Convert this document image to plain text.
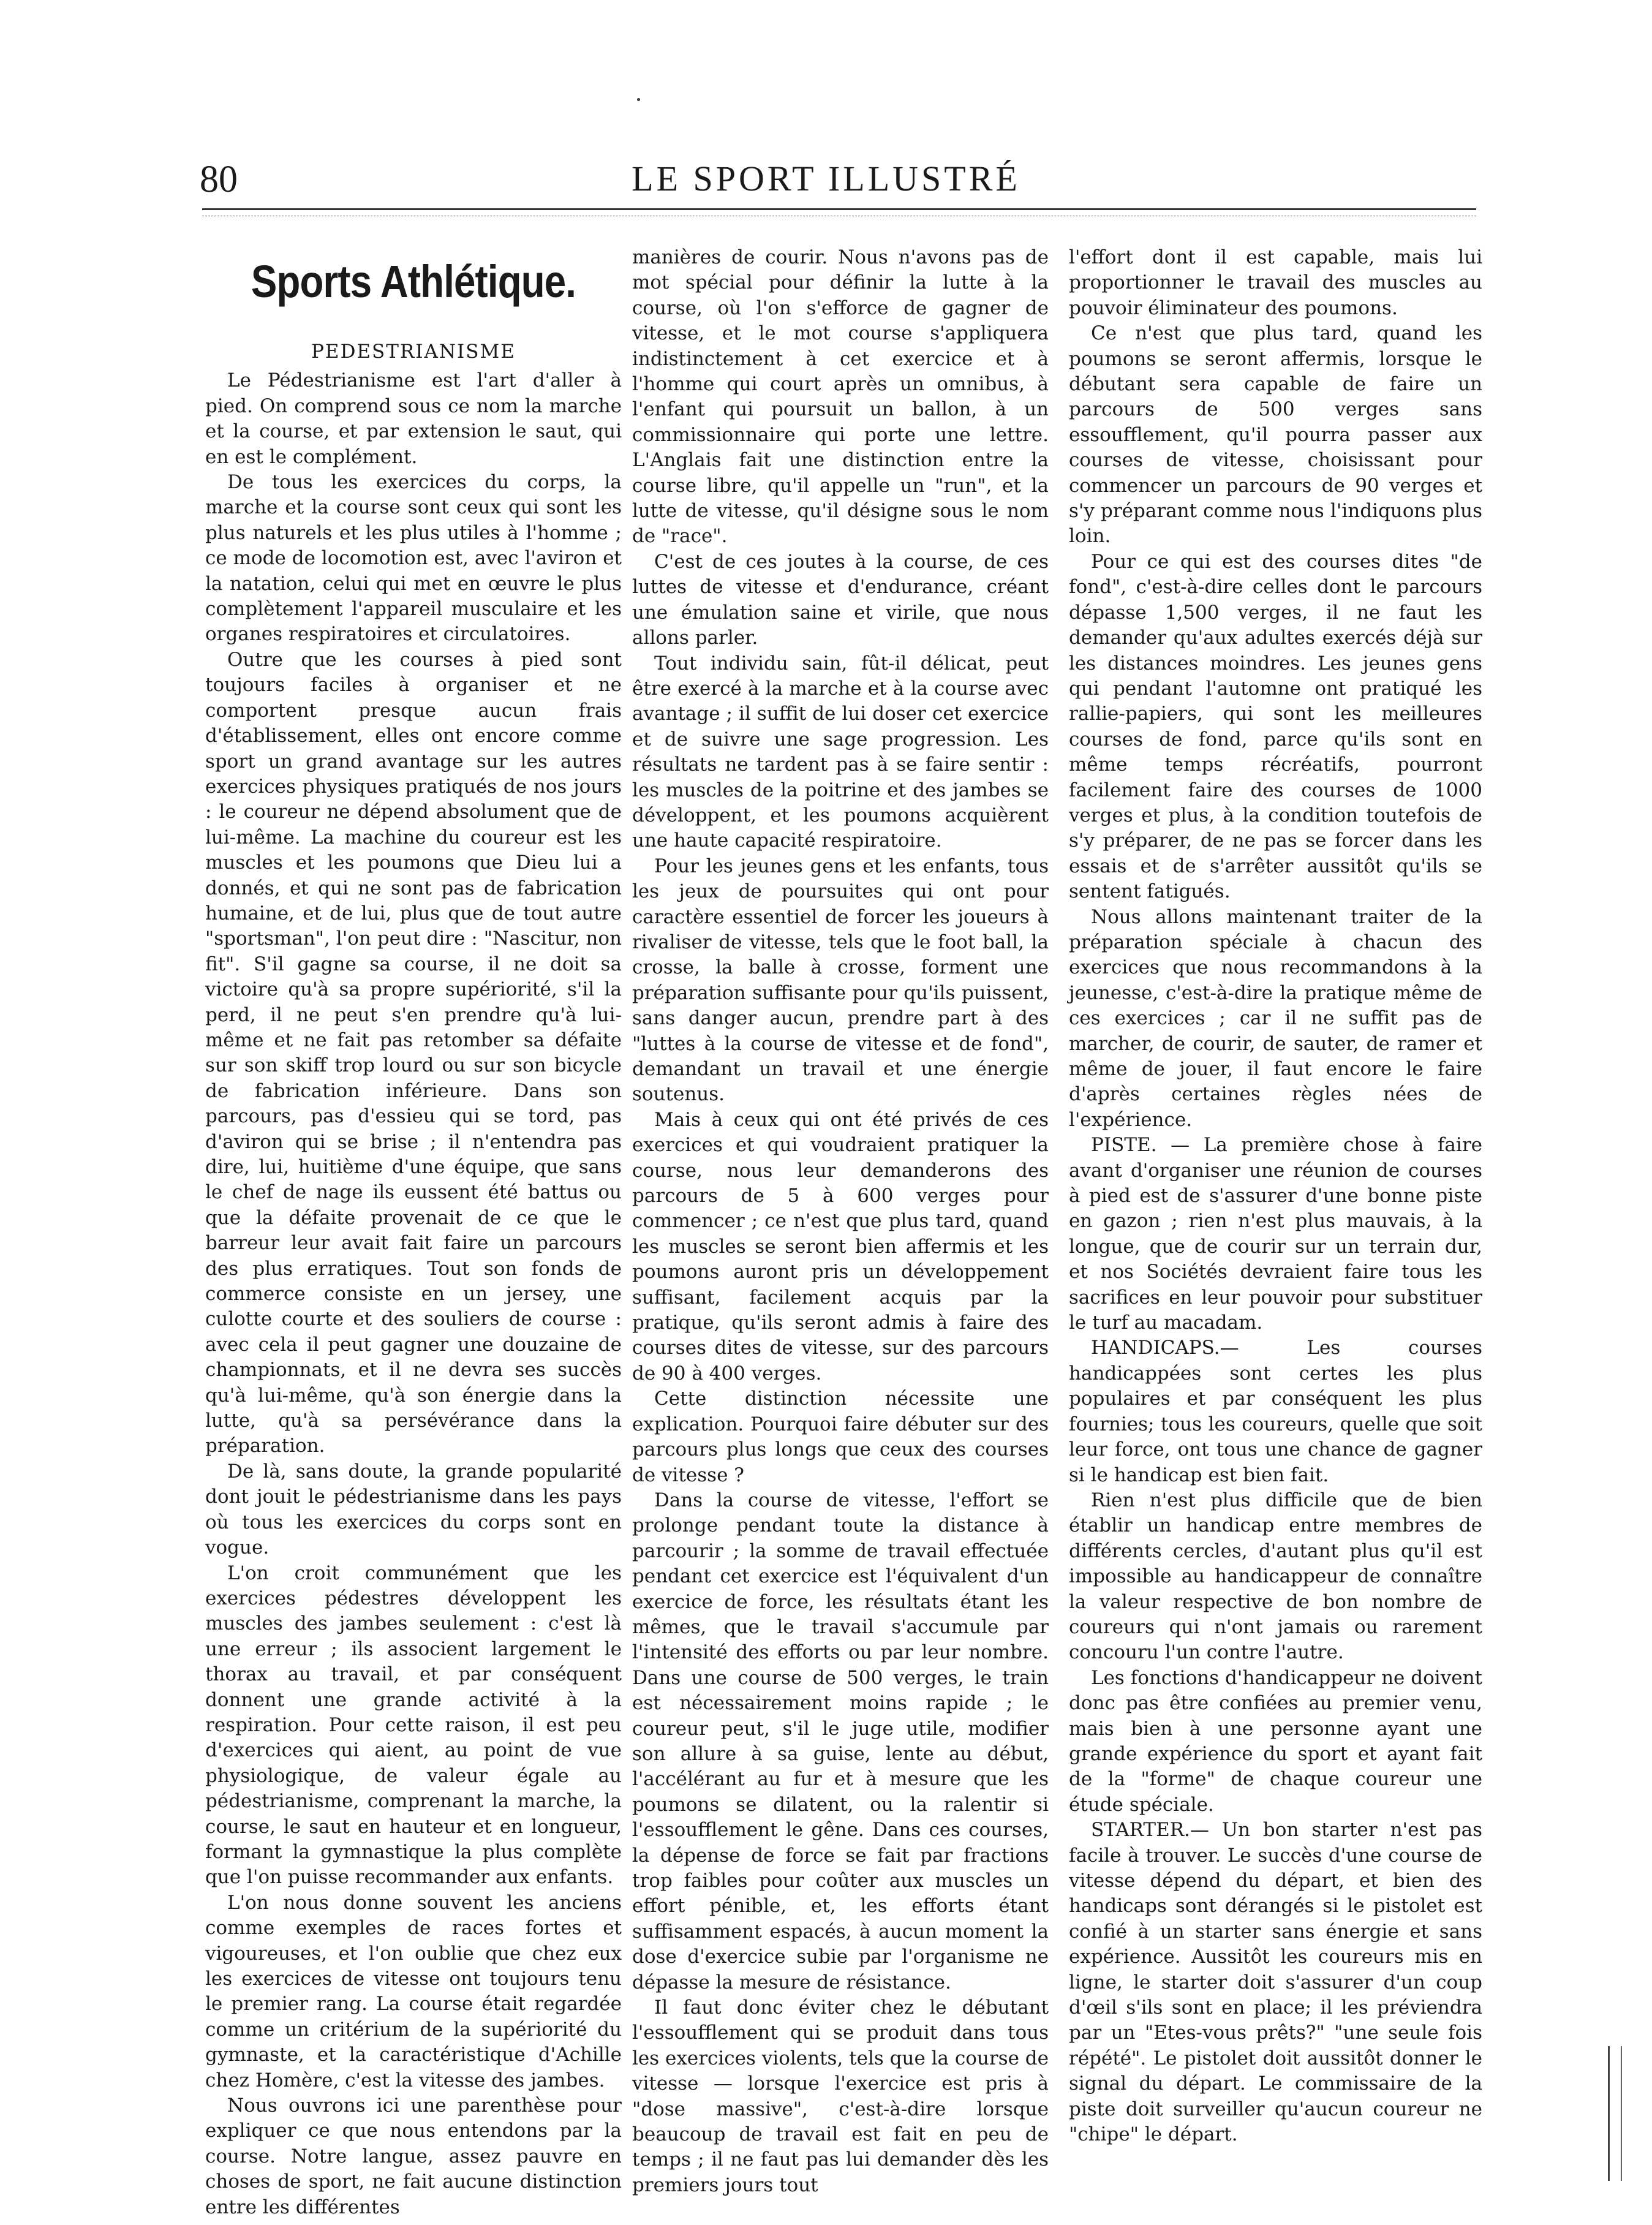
80	LE SPORT ILLUSTRÉ
Sports Athlétique.
PEDESTRIANISME

Le Pédestrianisme est l'art d'aller à pied. On comprend sous ce nom la marche et la course, et par extension le saut, qui en est le complément.

De tous les exercices du corps, la marche et la course sont ceux qui sont les plus naturels et les plus utiles à l'homme ; ce mode de locomotion est, avec l'aviron et la natation, celui qui met en œuvre le plus complètement l'appareil musculaire et les organes respiratoires et circulatoires.

Outre que les courses à pied sont toujours faciles à organiser et ne comportent presque aucun frais d'établissement, elles ont encore comme sport un grand avantage sur les autres exercices physiques pratiqués de nos jours : le coureur ne dépend absolument que de lui-même. La machine du coureur est les muscles et les poumons que Dieu lui a donnés, et qui ne sont pas de fabrication humaine, et de lui, plus que de tout autre "sportsman", l'on peut dire : "Nascitur, non fit". S'il gagne sa course, il ne doit sa victoire qu'à sa propre supériorité, s'il la perd, il ne peut s'en prendre qu'à lui-même et ne fait pas retomber sa défaite sur son skiff trop lourd ou sur son bicycle de fabrication inférieure. Dans son parcours, pas d'essieu qui se tord, pas d'aviron qui se brise ; il n'entendra pas dire, lui, huitième d'une équipe, que sans le chef de nage ils eussent été battus ou que la défaite provenait de ce que le barreur leur avait fait faire un parcours des plus erratiques. Tout son fonds de commerce consiste en un jersey, une culotte courte et des souliers de course : avec cela il peut gagner une douzaine de championnats, et il ne devra ses succès qu'à lui-même, qu'à son énergie dans la lutte, qu'à sa persévérance dans la préparation.

De là, sans doute, la grande popularité dont jouit le pédestrianisme dans les pays où tous les exercices du corps sont en vogue.

L'on croit communément que les exercices pédestres développent les muscles des jambes seulement : c'est là une erreur ; ils associent largement le thorax au travail, et par conséquent donnent une grande activité à la respiration. Pour cette raison, il est peu d'exercices qui aient, au point de vue physiologique, de valeur égale au pédestrianisme, comprenant la marche, la course, le saut en hauteur et en longueur, formant la gymnastique la plus complète que l'on puisse recommander aux enfants.

L'on nous donne souvent les anciens comme exemples de races fortes et vigoureuses, et l'on oublie que chez eux les exercices de vitesse ont toujours tenu le premier rang. La course était regardée comme un critérium de la supériorité du gymnaste, et la caractéristique d'Achille chez Homère, c'est la vitesse des jambes.

Nous ouvrons ici une parenthèse pour expliquer ce que nous entendons par la course. Notre langue, assez pauvre en choses de sport, ne fait aucune distinction entre les différentes

manières de courir. Nous n'avons pas de mot spécial pour définir la lutte à la course, où l'on s'efforce de gagner de vitesse, et le mot course s'appliquera indistinctement à cet exercice et à l'homme qui court après un omnibus, à l'enfant qui poursuit un ballon, à un commissionnaire qui porte une lettre. L'Anglais fait une distinction entre la course libre, qu'il appelle un "run", et la lutte de vitesse, qu'il désigne sous le nom de "race".

C'est de ces joutes à la course, de ces luttes de vitesse et d'endurance, créant une émulation saine et virile, que nous allons parler.

Tout individu sain, fût-il délicat, peut être exercé à la marche et à la course avec avantage ; il suffit de lui doser cet exercice et de suivre une sage progression. Les résultats ne tardent pas à se faire sentir : les muscles de la poitrine et des jambes se développent, et les poumons acquièrent une haute capacité respiratoire.

Pour les jeunes gens et les enfants, tous les jeux de poursuites qui ont pour caractère essentiel de forcer les joueurs à rivaliser de vitesse, tels que le foot ball, la crosse, la balle à crosse, forment une préparation suffisante pour qu'ils puissent, sans danger aucun, prendre part à des "luttes à la course de vitesse et de fond", demandant un travail et une énergie soutenus.

Mais à ceux qui ont été privés de ces exercices et qui voudraient pratiquer la course, nous leur demanderons des parcours de 5 à 600 verges pour commencer ; ce n'est que plus tard, quand les muscles se seront bien affermis et les poumons auront pris un développement suffisant, facilement acquis par la pratique, qu'ils seront admis à faire des courses dites de vitesse, sur des parcours de 90 à 400 verges.

Cette distinction nécessite une explication. Pourquoi faire débuter sur des parcours plus longs que ceux des courses de vitesse ?

Dans la course de vitesse, l'effort se prolonge pendant toute la distance à parcourir ; la somme de travail effectuée pendant cet exercice est l'équivalent d'un exercice de force, les résultats étant les mêmes, que le travail s'accumule par l'intensité des efforts ou par leur nombre. Dans une course de 500 verges, le train est nécessairement moins rapide ; le coureur peut, s'il le juge utile, modifier son allure à sa guise, lente au début, l'accélérant au fur et à mesure que les poumons se dilatent, ou la ralentir si l'essoufflement le gêne. Dans ces courses, la dépense de force se fait par fractions trop faibles pour coûter aux muscles un effort pénible, et, les efforts étant suffisamment espacés, à aucun moment la dose d'exercice subie par l'organisme ne dépasse la mesure de résistance.

Il faut donc éviter chez le débutant l'essoufflement qui se produit dans tous les exercices violents, tels que la course de vitesse — lorsque l'exercice est pris à "dose massive", c'est-à-dire lorsque beaucoup de travail est fait en peu de temps ; il ne faut pas lui demander dès les premiers jours tout

l'effort dont il est capable, mais lui proportionner le travail des muscles au pouvoir éliminateur des poumons.

Ce n'est que plus tard, quand les poumons se seront affermis, lorsque le débutant sera capable de faire un parcours de 500 verges sans essoufflement, qu'il pourra passer aux courses de vitesse, choisissant pour commencer un parcours de 90 verges et s'y préparant comme nous l'indiquons plus loin.

Pour ce qui est des courses dites "de fond", c'est-à-dire celles dont le parcours dépasse 1,500 verges, il ne faut les demander qu'aux adultes exercés déjà sur les distances moindres. Les jeunes gens qui pendant l'automne ont pratiqué les rallie-papiers, qui sont les meilleures courses de fond, parce qu'ils sont en même temps récréatifs, pourront facilement faire des courses de 1000 verges et plus, à la condition toutefois de s'y préparer, de ne pas se forcer dans les essais et de s'arrêter aussitôt qu'ils se sentent fatigués.

Nous allons maintenant traiter de la préparation spéciale à chacun des exercices que nous recommandons à la jeunesse, c'est-à-dire la pratique même de ces exercices ; car il ne suffit pas de marcher, de courir, de sauter, de ramer et même de jouer, il faut encore le faire d'après certaines règles nées de l'expérience.

PISTE. — La première chose à faire avant d'organiser une réunion de courses à pied est de s'assurer d'une bonne piste en gazon ; rien n'est plus mauvais, à la longue, que de courir sur un terrain dur, et nos Sociétés devraient faire tous les sacrifices en leur pouvoir pour substituer le turf au macadam.

HANDICAPS.— Les courses handicappées sont certes les plus populaires et par conséquent les plus fournies; tous les coureurs, quelle que soit leur force, ont tous une chance de gagner si le handicap est bien fait.

Rien n'est plus difficile que de bien établir un handicap entre membres de différents cercles, d'autant plus qu'il est impossible au handicappeur de connaître la valeur respective de bon nombre de coureurs qui n'ont jamais ou rarement concouru l'un contre l'autre.

Les fonctions d'handicappeur ne doivent donc pas être confiées au premier venu, mais bien à une personne ayant une grande expérience du sport et ayant fait de la "forme" de chaque coureur une étude spéciale.

STARTER.— Un bon starter n'est pas facile à trouver. Le succès d'une course de vitesse dépend du départ, et bien des handicaps sont dérangés si le pistolet est confié à un starter sans énergie et sans expérience. Aussitôt les coureurs mis en ligne, le starter doit s'assurer d'un coup d'œil s'ils sont en place; il les préviendra par un "Etes-vous prêts?" "une seule fois répété". Le pistolet doit aussitôt donner le signal du départ. Le commissaire de la piste doit surveiller qu'aucun coureur ne "chipe" le départ.
